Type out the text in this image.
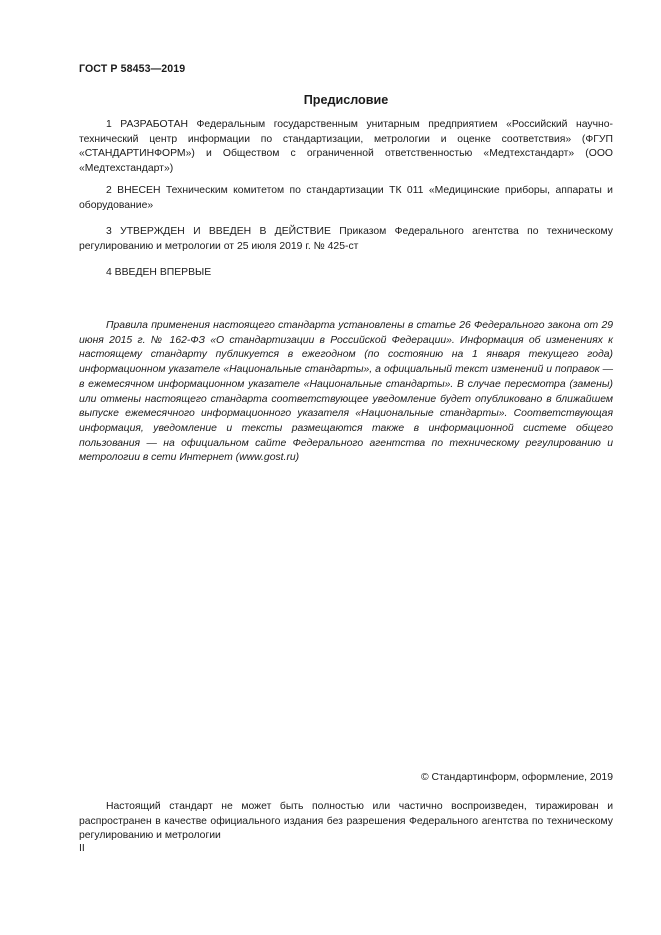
ГОСТ Р 58453—2019
Предисловие

1 РАЗРАБОТАН Федеральным государственным унитарным предприятием «Российский научно-технический центр информации по стандартизации, метрологии и оценке соответствия» (ФГУП «СТАНДАРТИНФОРМ») и Обществом с ограниченной ответственностью «Медтехстандарт» (ООО «Медтехстандарт»)

2 ВНЕСЕН Техническим комитетом по стандартизации ТК 011 «Медицинские приборы, аппараты и оборудование»

3 УТВЕРЖДЕН И ВВЕДЕН В ДЕЙСТВИЕ Приказом Федерального агентства по техническому регулированию и метрологии от 25 июля 2019 г. № 425-ст

4 ВВЕДЕН ВПЕРВЫЕ

Правила применения настоящего стандарта установлены в статье 26 Федерального закона от 29 июня 2015 г. № 162-ФЗ «О стандартизации в Российской Федерации». Информация об изменениях к настоящему стандарту публикуется в ежегодном (по состоянию на 1 января текущего года) информационном указателе «Национальные стандарты», а официальный текст изменений и поправок — в ежемесячном информационном указателе «Национальные стандарты». В случае пересмотра (замены) или отмены настоящего стандарта соответствующее уведомление будет опубликовано в ближайшем выпуске ежемесячного информационного указателя «Национальные стандарты». Соответствующая информация, уведомление и тексты размещаются также в информационной системе общего пользования — на официальном сайте Федерального агентства по техническому регулированию и метрологии в сети Интернет (www.gost.ru)

© Стандартинформ, оформление, 2019

Настоящий стандарт не может быть полностью или частично воспроизведен, тиражирован и распространен в качестве официального издания без разрешения Федерального агентства по техническому регулированию и метрологии

II
